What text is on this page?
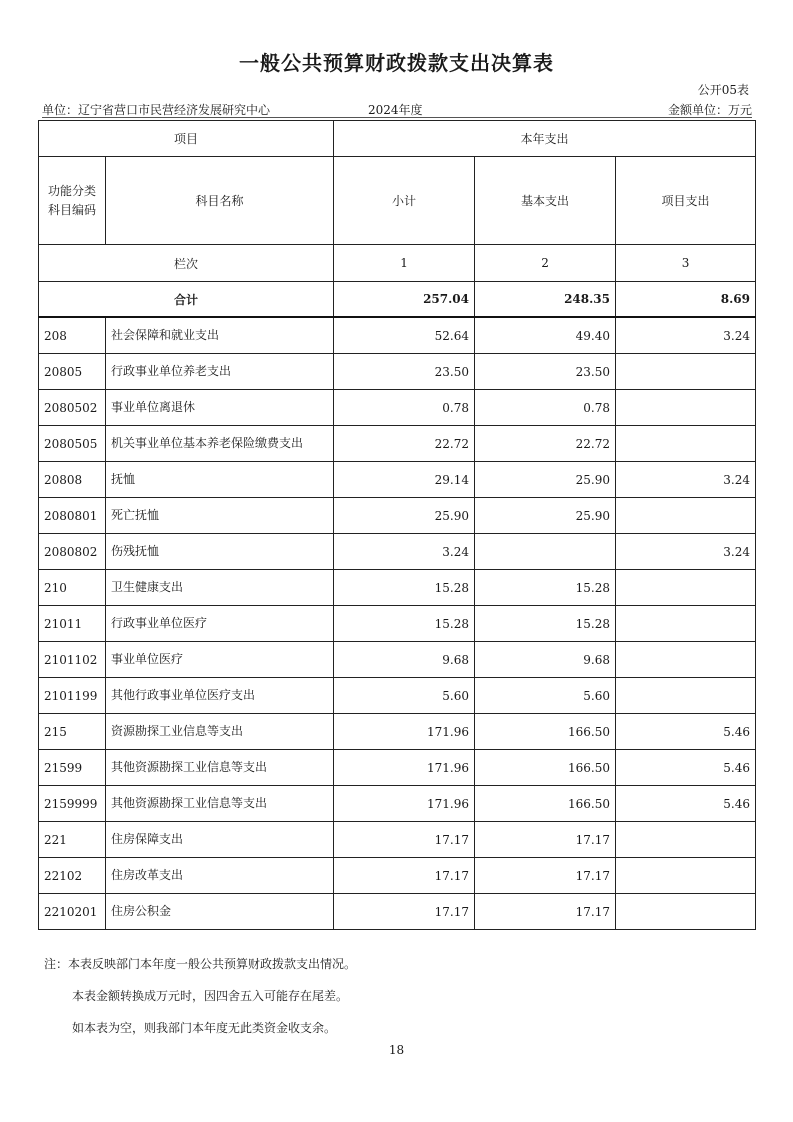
一般公共预算财政拨款支出决算表
公开05表
单位：辽宁省营口市民营经济发展研究中心	2024年度	金额单位：万元
项目		本年支出		
功能分类
科目编码	科目名称	小计	基本支出	项目支出
栏次		1	2	3
合计		257.04	248.35	8.69
208	社会保障和就业支出	52.64	49.40	3.24
20805	行政事业单位养老支出	23.50	23.50	
2080502	事业单位离退休	0.78	0.78	
2080505	机关事业单位基本养老保险缴费支出	22.72	22.72	
20808	抚恤	29.14	25.90	3.24
2080801	死亡抚恤	25.90	25.90	
2080802	伤残抚恤	3.24		3.24
210	卫生健康支出	15.28	15.28	
21011	行政事业单位医疗	15.28	15.28	
2101102	事业单位医疗	9.68	9.68	
2101199	其他行政事业单位医疗支出	5.60	5.60	
215	资源勘探工业信息等支出	171.96	166.50	5.46
21599	其他资源勘探工业信息等支出	171.96	166.50	5.46
2159999	其他资源勘探工业信息等支出	171.96	166.50	5.46
221	住房保障支出	17.17	17.17	
22102	住房改革支出	17.17	17.17	
2210201	住房公积金	17.17	17.17	

注：本表反映部门本年度一般公共预算财政拨款支出情况。

本表金额转换成万元时，因四舍五入可能存在尾差。

如本表为空，则我部门本年度无此类资金收支余。

18
